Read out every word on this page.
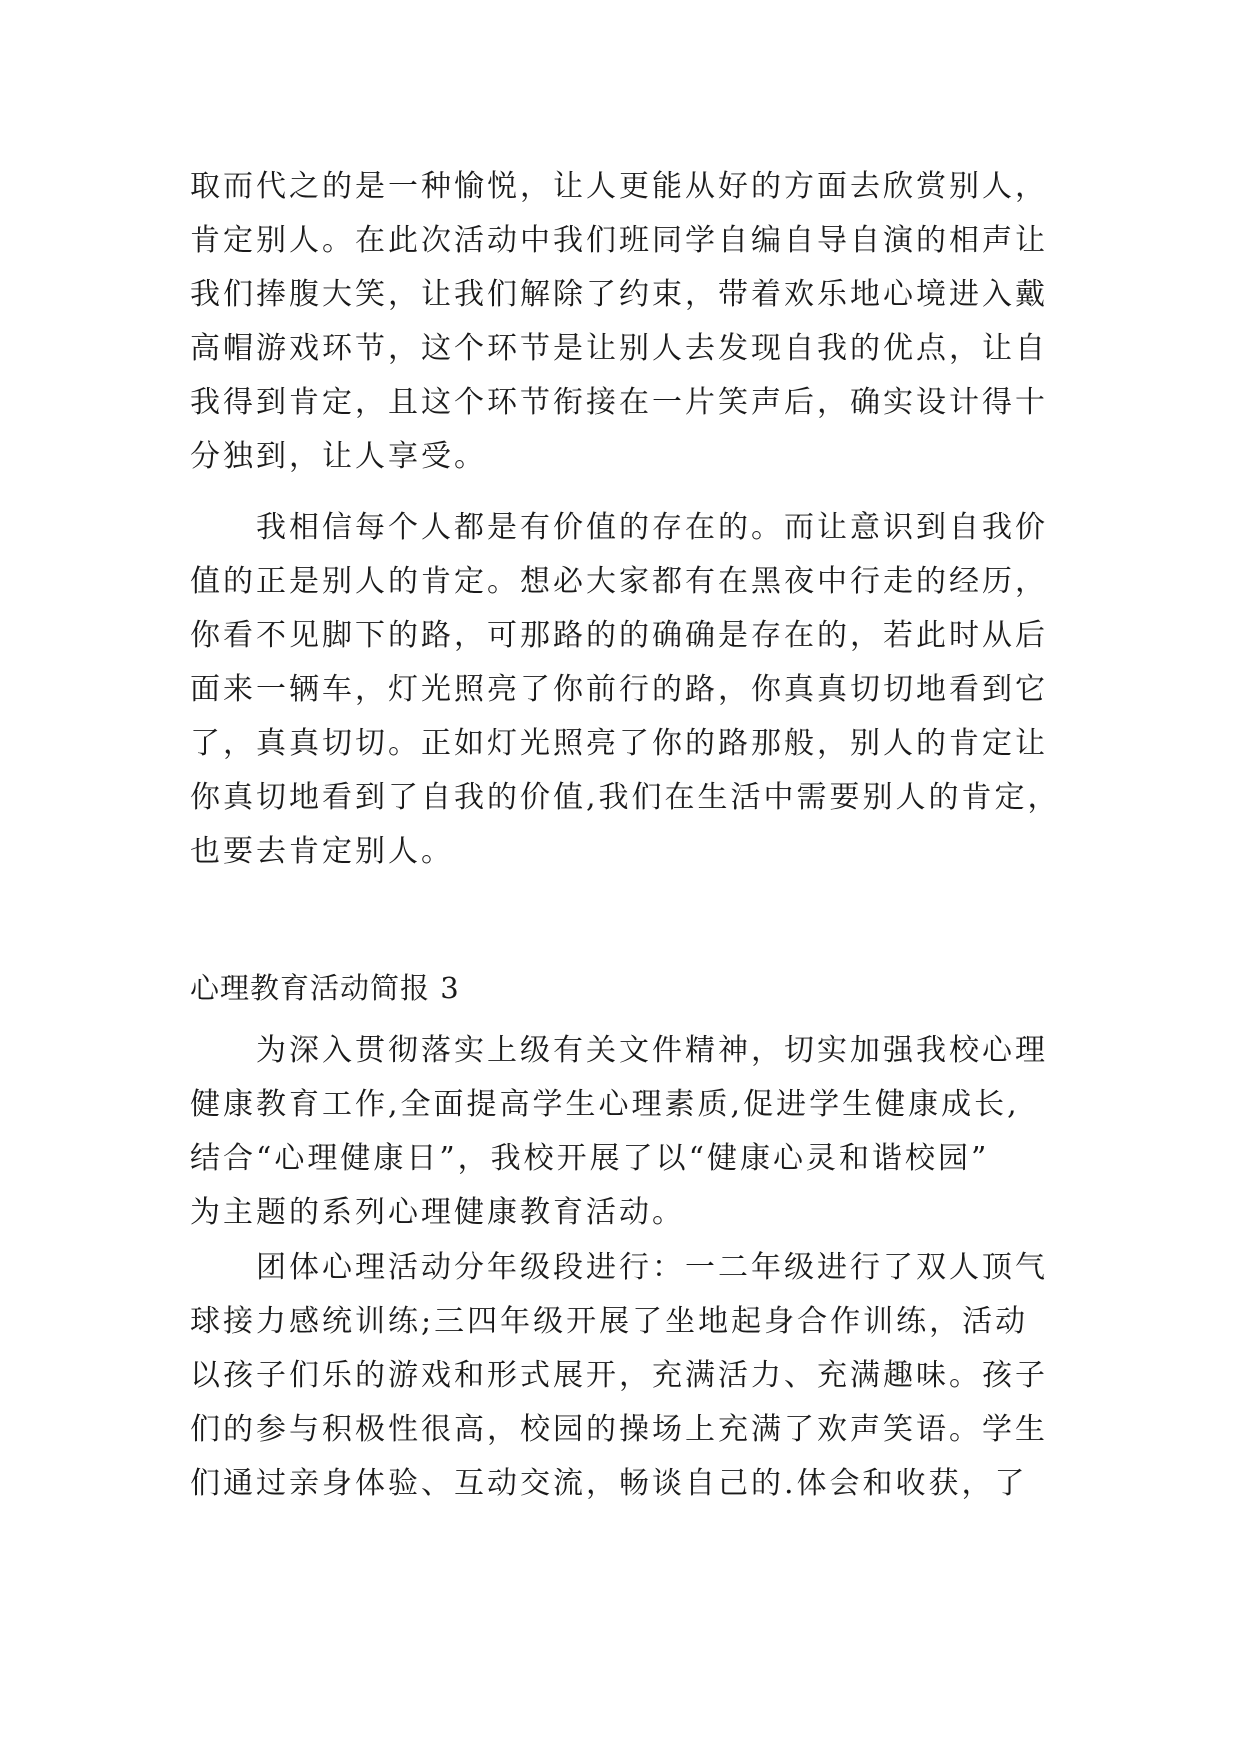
取而代之的是一种愉悦，让人更能从好的方面去欣赏别人，
肯定别人。在此次活动中我们班同学自编自导自演的相声让
我们捧腹大笑，让我们解除了约束，带着欢乐地心境进入戴
高帽游戏环节，这个环节是让别人去发现自我的优点，让自
我得到肯定，且这个环节衔接在一片笑声后，确实设计得十
分独到，让人享受。

　　我相信每个人都是有价值的存在的。而让意识到自我价
值的正是别人的肯定。想必大家都有在黑夜中行走的经历，
你看不见脚下的路，可那路的的确确是存在的，若此时从后
面来一辆车，灯光照亮了你前行的路，你真真切切地看到它
了，真真切切。正如灯光照亮了你的路那般，别人的肯定让
你真切地看到了自我的价值,我们在生活中需要别人的肯定，
也要去肯定别人。

心理教育活动简报 3

　　为深入贯彻落实上级有关文件精神，切实加强我校心理
健康教育工作,全面提高学生心理素质,促进学生健康成长,
结合“心理健康日”，我校开展了以“健康心灵和谐校园”
为主题的系列心理健康教育活动。

　　团体心理活动分年级段进行：一二年级进行了双人顶气
球接力感统训练;三四年级开展了坐地起身合作训练，活动
以孩子们乐的游戏和形式展开，充满活力、充满趣味。孩子
们的参与积极性很高，校园的操场上充满了欢声笑语。学生
们通过亲身体验、互动交流，畅谈自己的.体会和收获，了
